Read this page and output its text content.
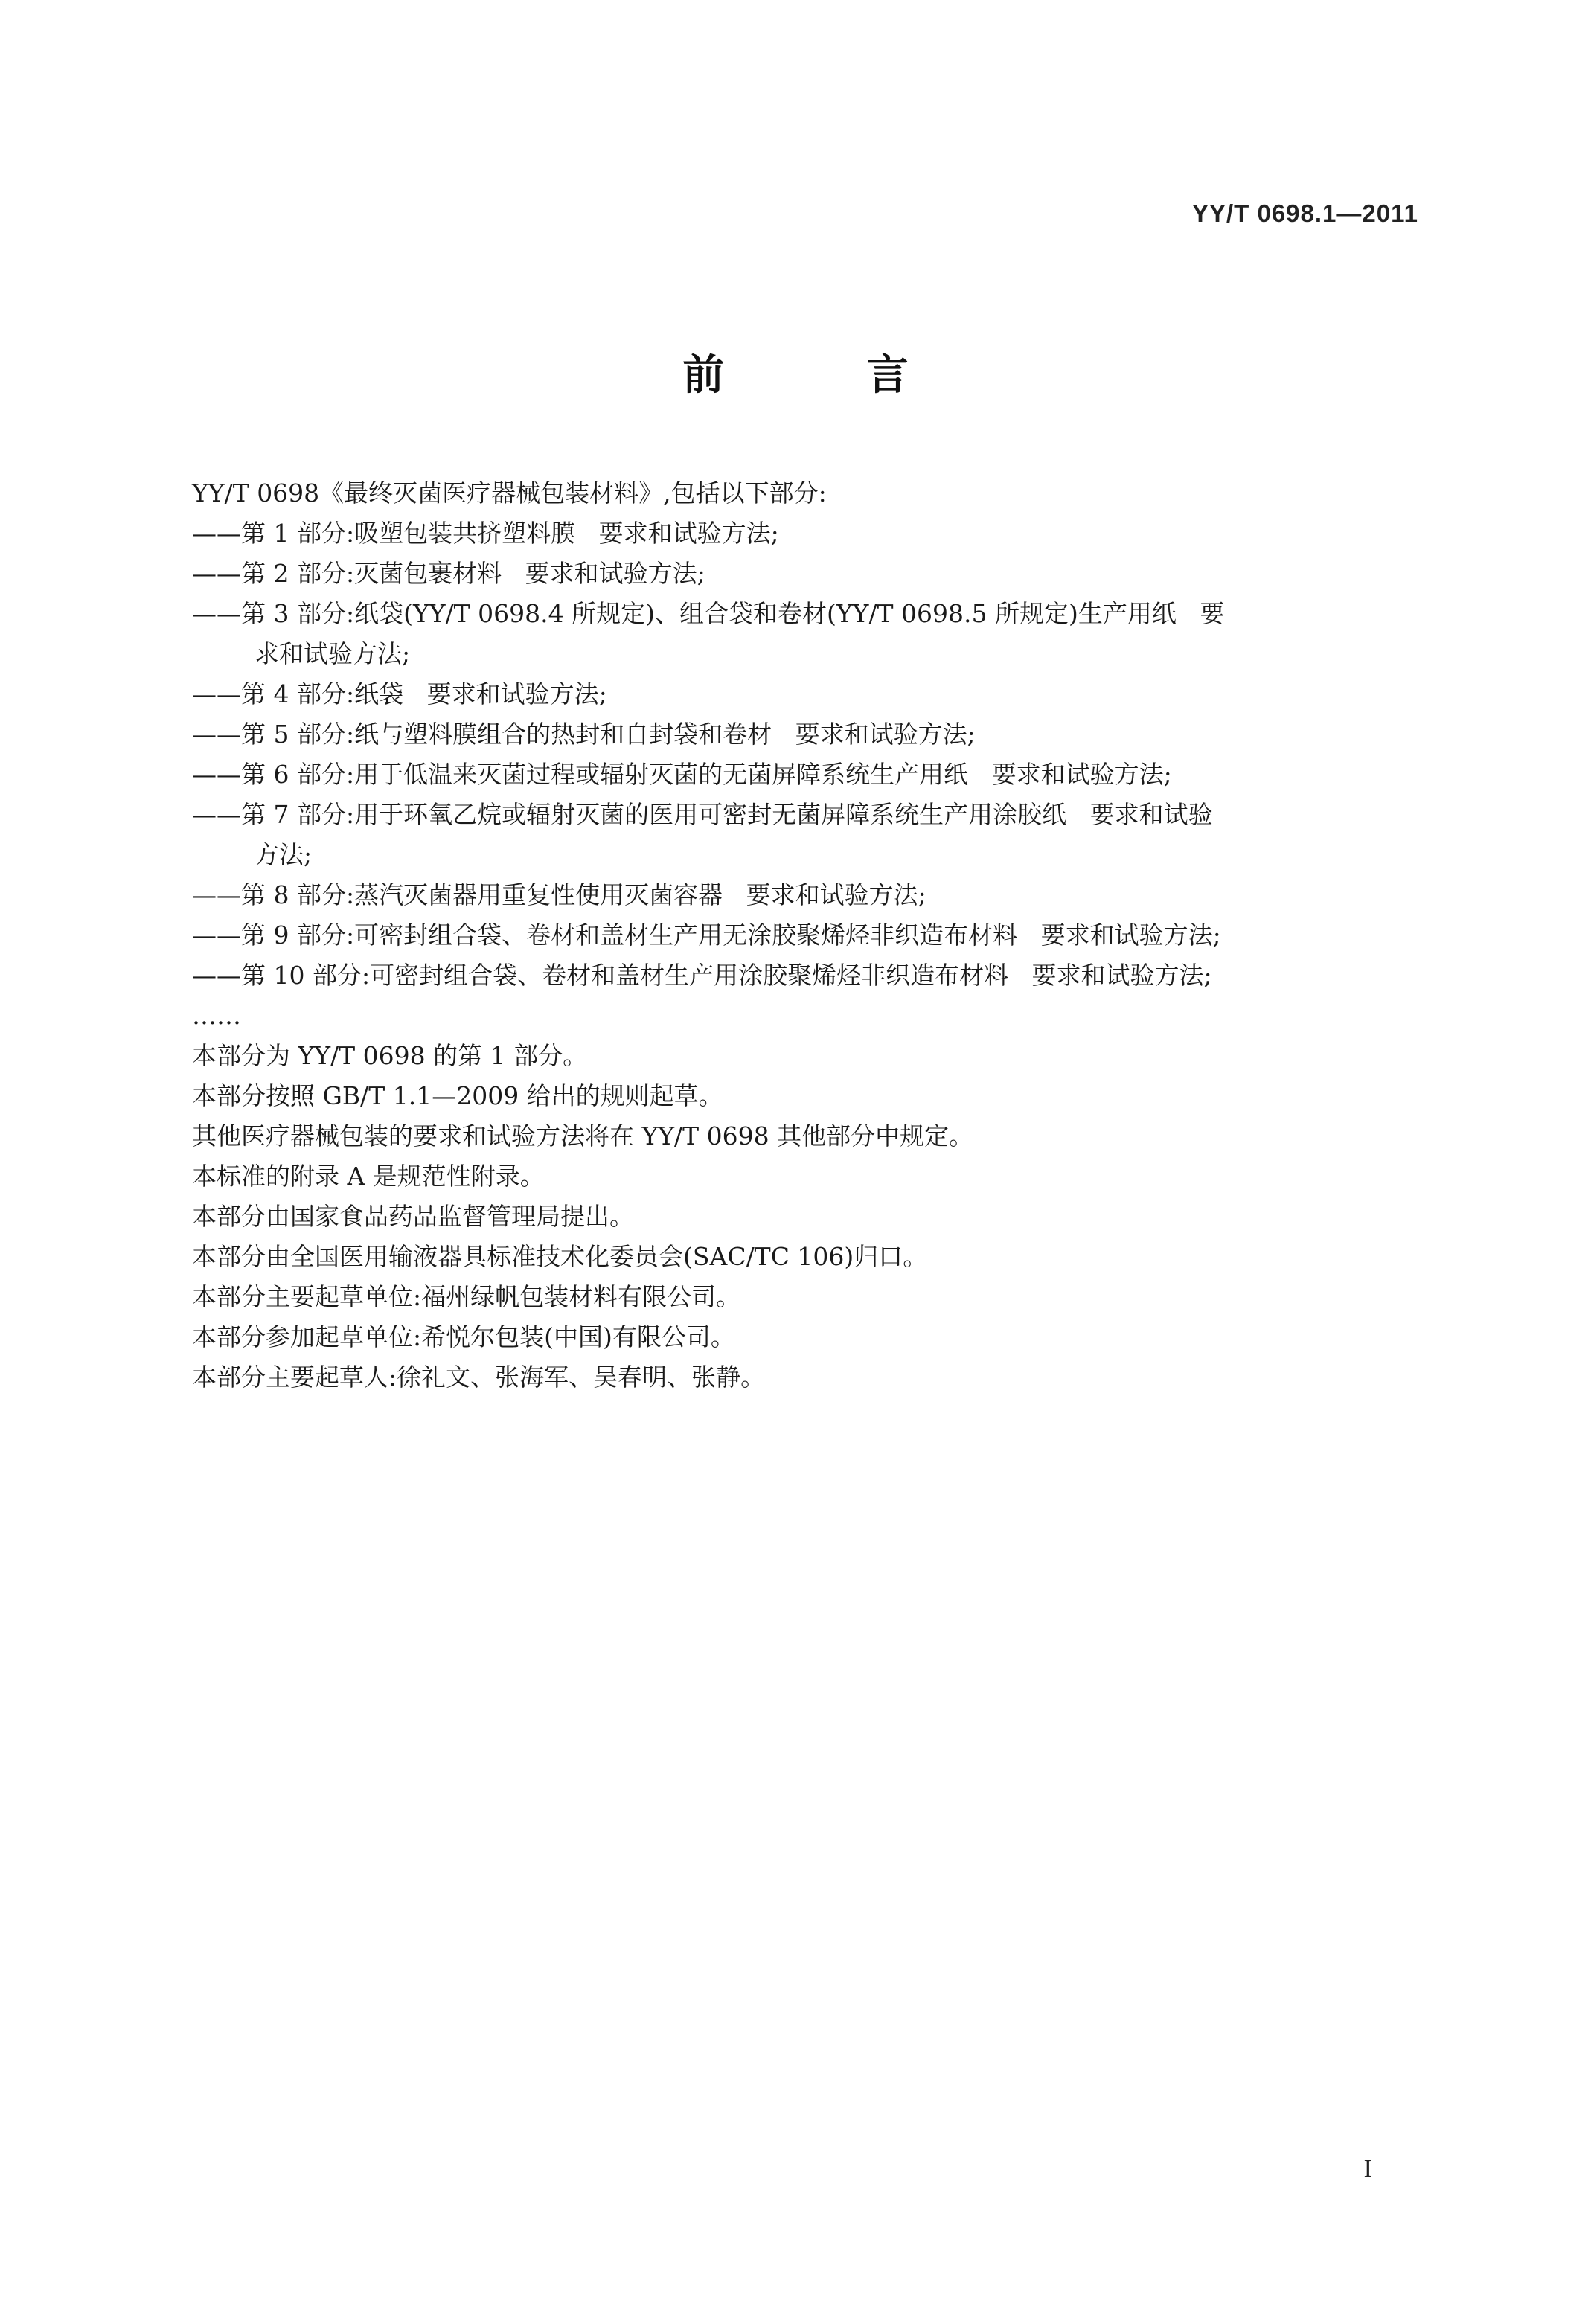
YY/T 0698.1—2011
前 言
YY/T 0698《最终灭菌医疗器械包装材料》,包括以下部分:
——第 1 部分:吸塑包装共挤塑料膜   要求和试验方法;
——第 2 部分:灭菌包裹材料   要求和试验方法;
——第 3 部分:纸袋(YY/T 0698.4 所规定)、组合袋和卷材(YY/T 0698.5 所规定)生产用纸   要
求和试验方法;
——第 4 部分:纸袋   要求和试验方法;
——第 5 部分:纸与塑料膜组合的热封和自封袋和卷材   要求和试验方法;
——第 6 部分:用于低温来灭菌过程或辐射灭菌的无菌屏障系统生产用纸   要求和试验方法;
——第 7 部分:用于环氧乙烷或辐射灭菌的医用可密封无菌屏障系统生产用涂胶纸   要求和试验
方法;
——第 8 部分:蒸汽灭菌器用重复性使用灭菌容器   要求和试验方法;
——第 9 部分:可密封组合袋、卷材和盖材生产用无涂胶聚烯烃非织造布材料   要求和试验方法;
——第 10 部分:可密封组合袋、卷材和盖材生产用涂胶聚烯烃非织造布材料   要求和试验方法;
……
本部分为 YY/T 0698 的第 1 部分。
本部分按照 GB/T 1.1—2009 给出的规则起草。
其他医疗器械包装的要求和试验方法将在 YY/T 0698 其他部分中规定。
本标准的附录 A 是规范性附录。
本部分由国家食品药品监督管理局提出。
本部分由全国医用输液器具标准技术化委员会(SAC/TC 106)归口。
本部分主要起草单位:福州绿帆包装材料有限公司。
本部分参加起草单位:希悦尔包装(中国)有限公司。
本部分主要起草人:徐礼文、张海军、吴春明、张静。
I
